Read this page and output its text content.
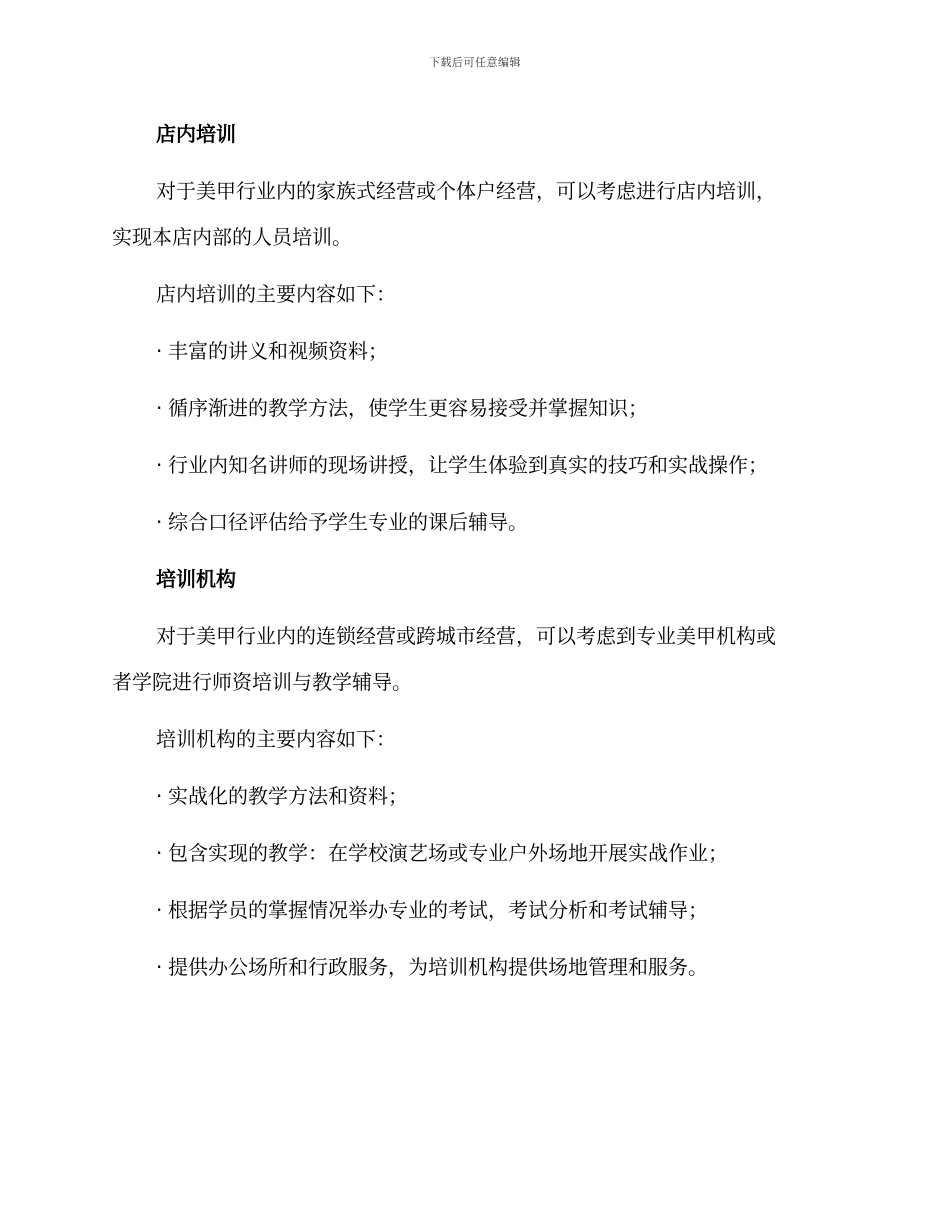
下载后可任意编辑
店内培训
对于美甲行业内的家族式经营或个体户经营，可以考虑进行店内培训，
实现本店内部的人员培训。
店内培训的主要内容如下：
· 丰富的讲义和视频资料；
· 循序渐进的教学方法，使学生更容易接受并掌握知识；
· 行业内知名讲师的现场讲授，让学生体验到真实的技巧和实战操作；
· 综合口径评估给予学生专业的课后辅导。
培训机构
对于美甲行业内的连锁经营或跨城市经营，可以考虑到专业美甲机构或
者学院进行师资培训与教学辅导。
培训机构的主要内容如下：
· 实战化的教学方法和资料；
· 包含实现的教学：在学校演艺场或专业户外场地开展实战作业；
· 根据学员的掌握情况举办专业的考试，考试分析和考试辅导；
· 提供办公场所和行政服务，为培训机构提供场地管理和服务。
